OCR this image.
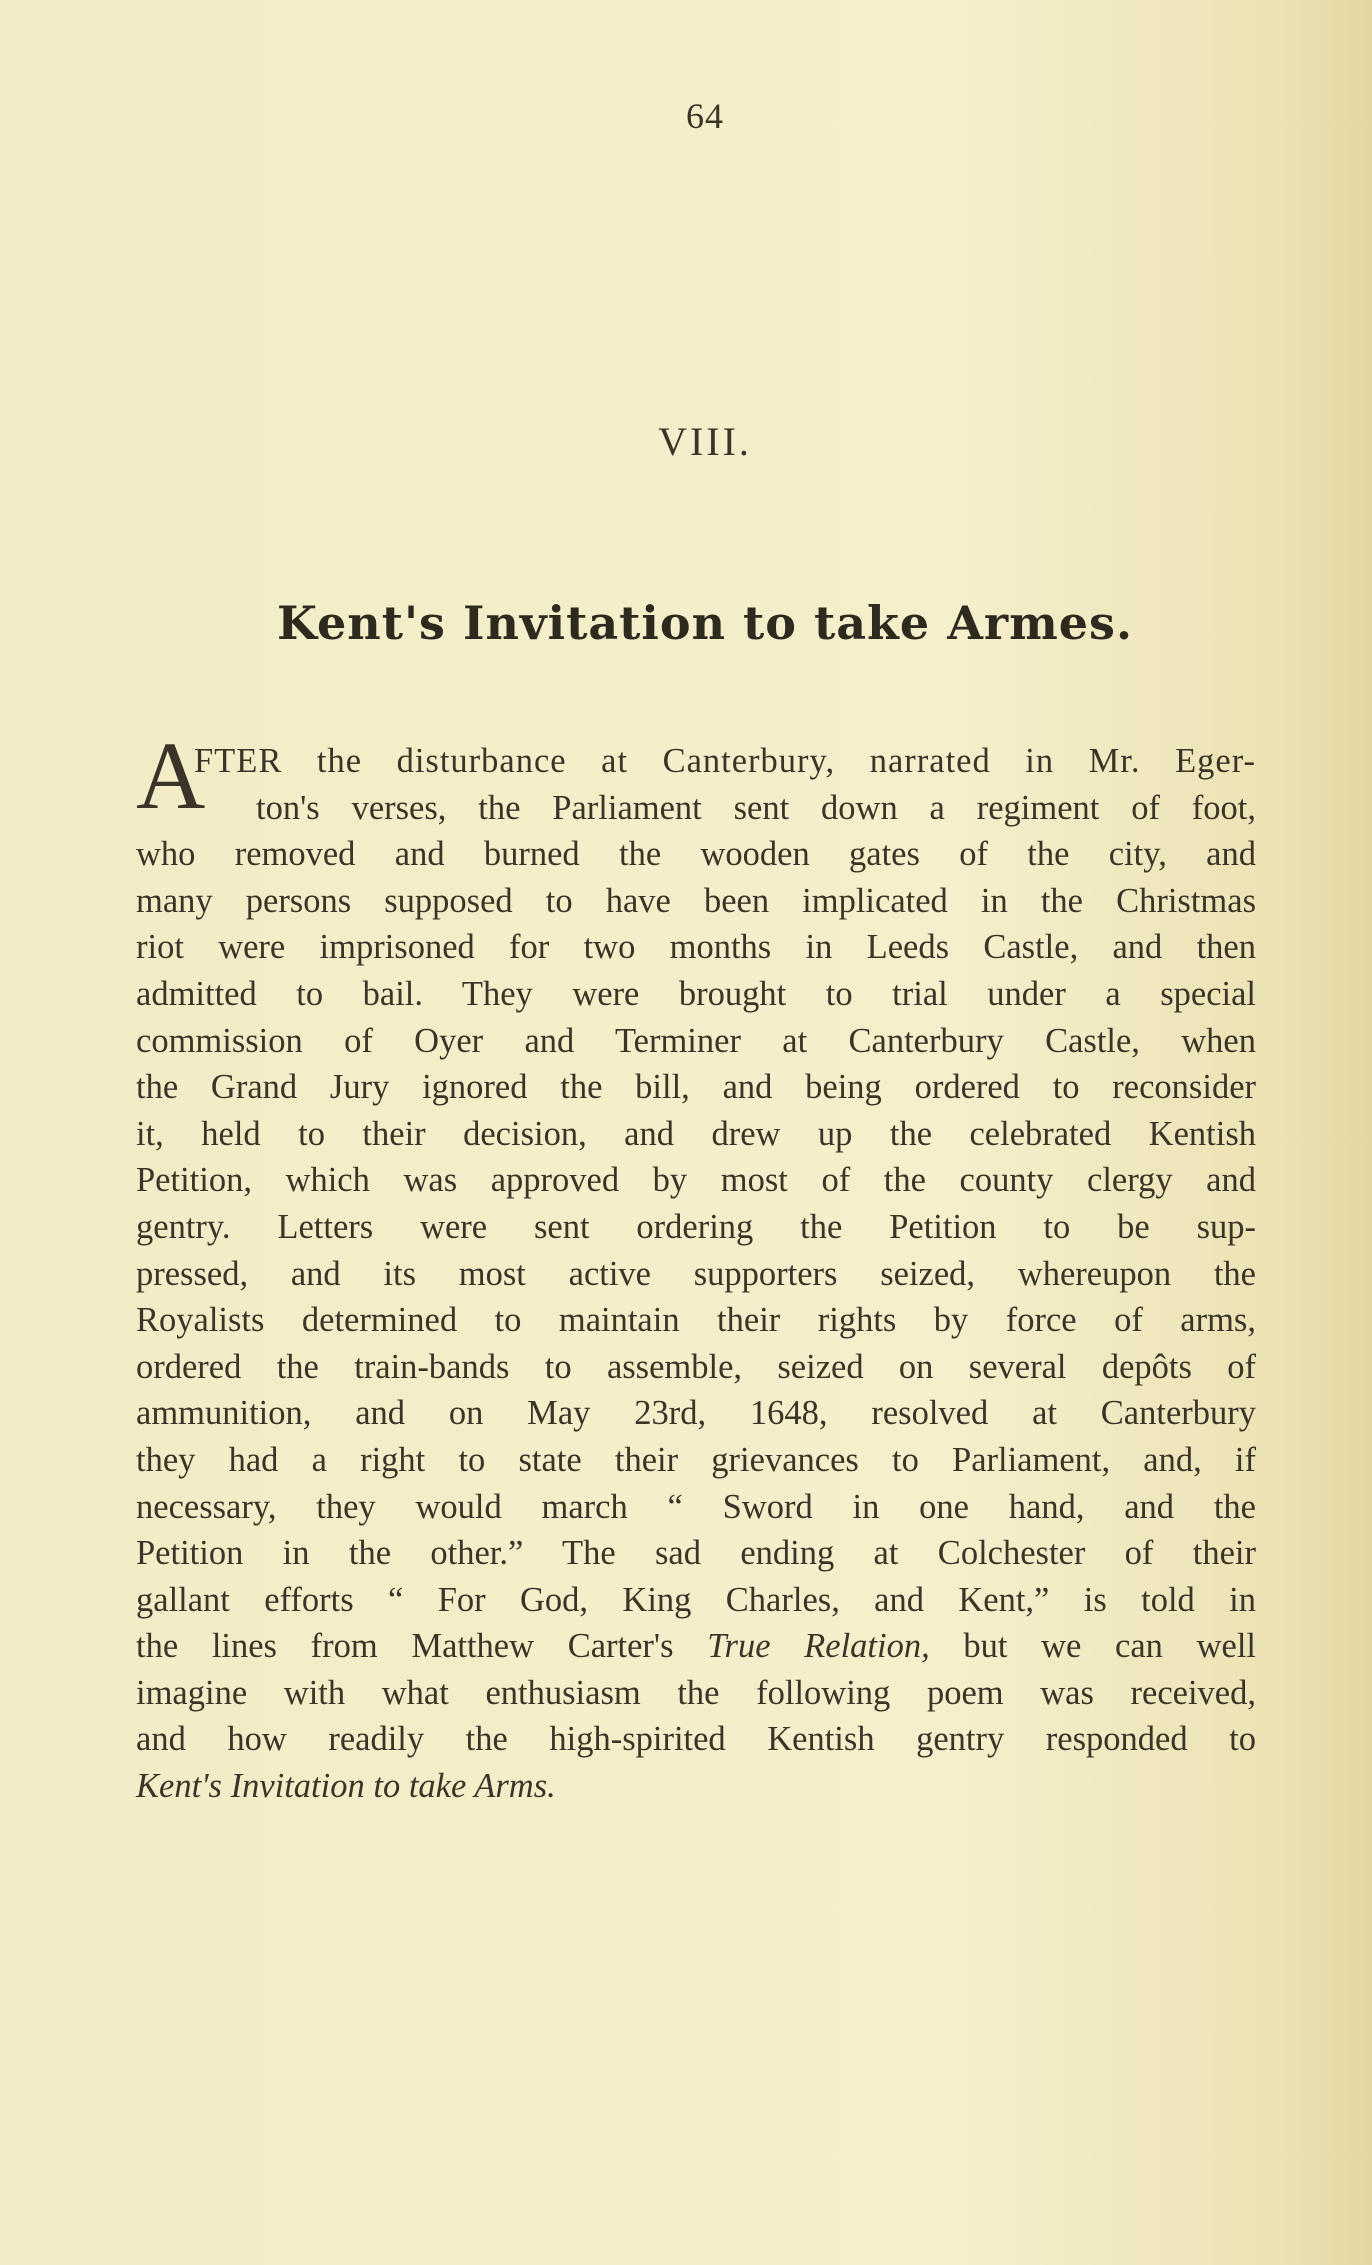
64
VIII.
Kent's Invitation to take Armes.
A
FTER the disturbance at Canterbury, narrated in Mr. Eger-
ton's verses, the Parliament sent down a regiment of foot,
who removed and burned the wooden gates of the city, and
many persons supposed to have been implicated in the Christmas
riot were imprisoned for two months in Leeds Castle, and then
admitted to bail. They were brought to trial under a special
commission of Oyer and Terminer at Canterbury Castle, when
the Grand Jury ignored the bill, and being ordered to reconsider
it, held to their decision, and drew up the celebrated Kentish
Petition, which was approved by most of the county clergy and
gentry. Letters were sent ordering the Petition to be sup-
pressed, and its most active supporters seized, whereupon the
Royalists determined to maintain their rights by force of arms,
ordered the train-bands to assemble, seized on several depôts of
ammunition, and on May 23rd, 1648, resolved at Canterbury
they had a right to state their grievances to Parliament, and, if
necessary, they would march “ Sword in one hand, and the
Petition in the other.” The sad ending at Colchester of their
gallant efforts “ For God, King Charles, and Kent,” is told in
the lines from Matthew Carter's True Relation, but we can well
imagine with what enthusiasm the following poem was received,
and how readily the high-spirited Kentish gentry responded to
Kent's Invitation to take Arms.
